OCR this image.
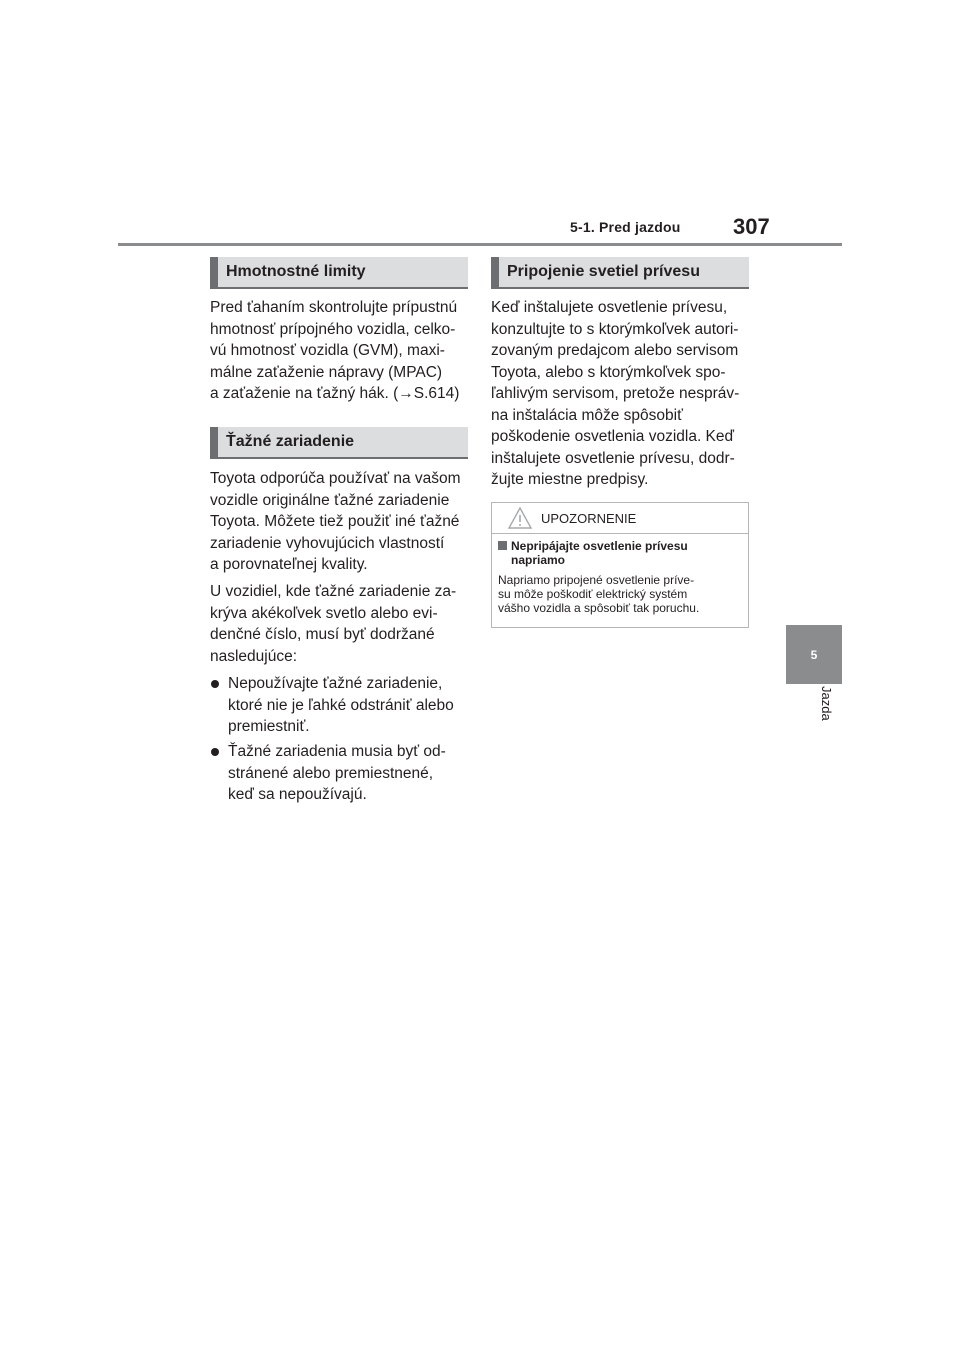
5-1. Pred jazdou 307
5
Jazda
Hmotnostné limity
Pred ťahaním skontrolujte prípustnú
hmotnosť prípojného vozidla, celko-
vú hmotnosť vozidla (GVM), maxi-
málne zaťaženie nápravy (MPAC)
a zaťaženie na ťažný hák. (→S.614)
Ťažné zariadenie
Toyota odporúča používať na vašom
vozidle originálne ťažné zariadenie
Toyota. Môžete tiež použiť iné ťažné
zariadenie vyhovujúcich vlastností
a porovnateľnej kvality.
U vozidiel, kde ťažné zariadenie za-
krýva akékoľvek svetlo alebo evi-
denčné číslo, musí byť dodržané
nasledujúce:
Nepoužívajte ťažné zariadenie,
ktoré nie je ľahké odstrániť alebo
premiestniť.
Ťažné zariadenia musia byť od-
stránené alebo premiestnené,
keď sa nepoužívajú.
Pripojenie svetiel prívesu
Keď inštalujete osvetlenie prívesu,
konzultujte to s ktorýmkoľvek autori-
zovaným predajcom alebo servisom
Toyota, alebo s ktorýmkoľvek spo-
ľahlivým servisom, pretože nespráv-
na inštalácia môže spôsobiť
poškodenie osvetlenia vozidla. Keď
inštalujete osvetlenie prívesu, dodr-
žujte miestne predpisy.
UPOZORNENIE
Nepripájajte osvetlenie prívesu
napriamo
Napriamo pripojené osvetlenie príve-
su môže poškodiť elektrický systém
vášho vozidla a spôsobiť tak poruchu.
